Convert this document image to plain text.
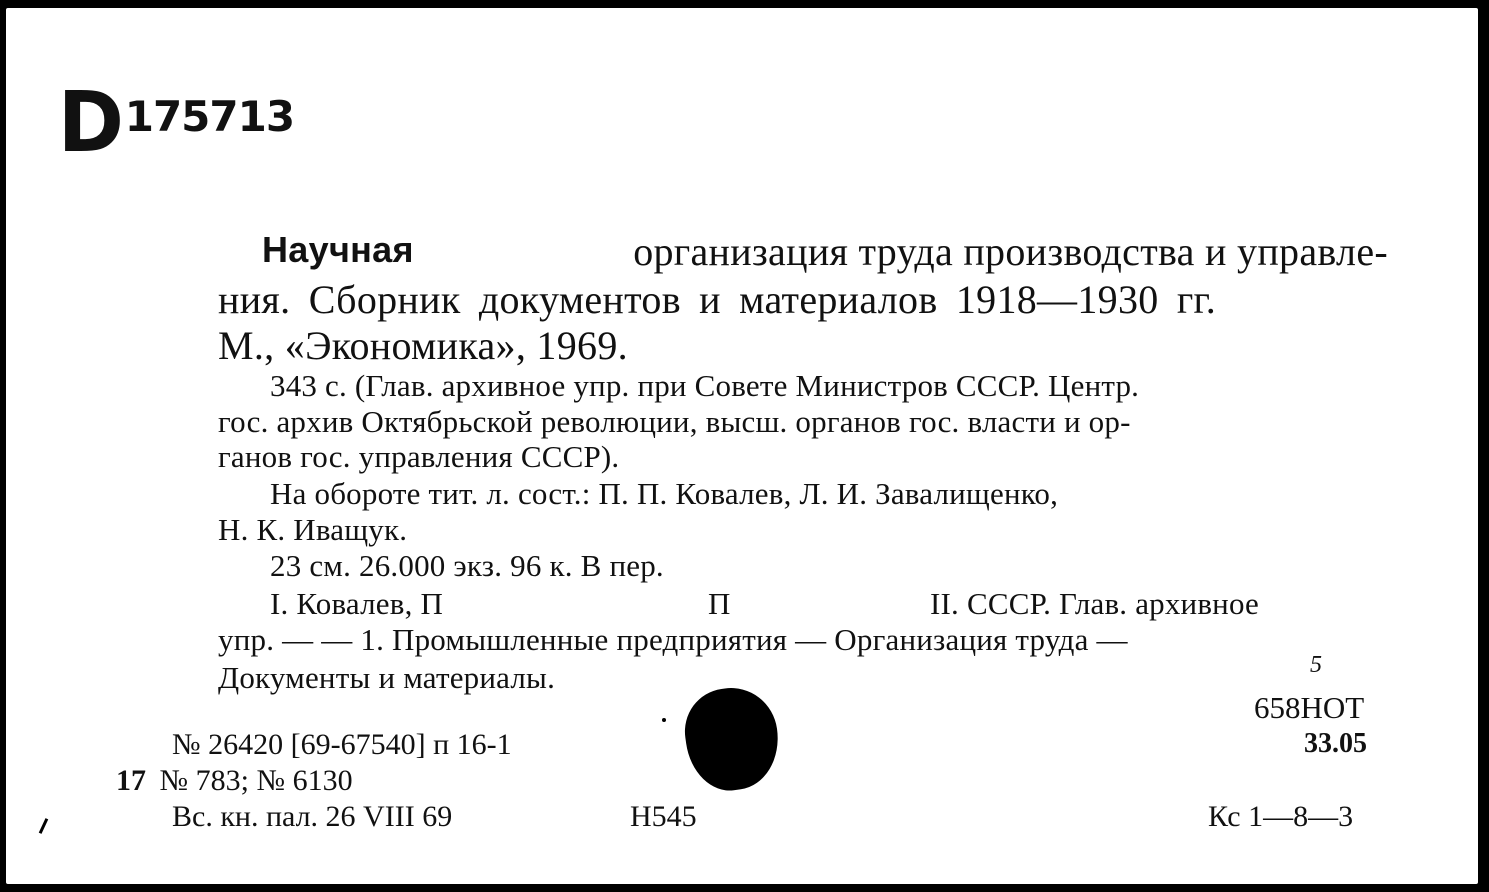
D175713
Научная	организация труда производства и управле-
ния. Сборник документов и материалов 1918—1930 гг.
М., «Экономика», 1969.
343 с. (Глав. архивное упр. при Совете Министров СССР. Центр.
гос. архив Октябрьской революции, высш. органов гос. власти и ор-
ганов гос. управления СССР).
На обороте тит. л. сост.: П. П. Ковалев, Л. И. Завалищенко,
Н. К. Иващук.
23 см. 26.000 экз. 96 к. В пер.
I. Ковалев, П	П	II. СССР. Глав. архивное
упр. — — 1. Промышленные предприятия — Организация труда —
Документы и материалы.	5
658НОТ
33.05
№ 26420 [69-67540] п 16-1
17 № 783; № 6130
Вс. кн. пал. 26 VIII 69	Н545	Кс 1—8—3
